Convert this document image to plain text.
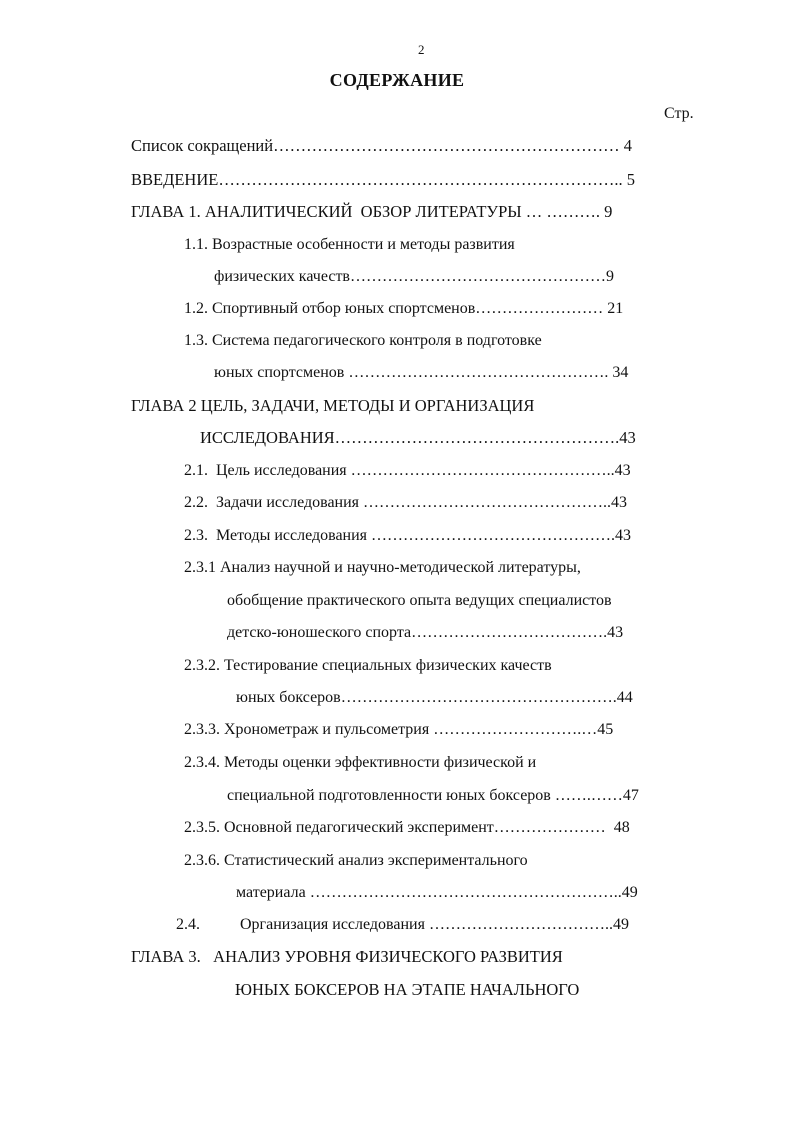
2
СОДЕРЖАНИЕ
Стр.
Список сокращений……………………………………………………… 4
ВВЕДЕНИЕ……………………………………………………………….. 5
ГЛАВА 1. АНАЛИТИЧЕСКИЙ  ОБЗОР ЛИТЕРАТУРЫ … ………. 9
1.1. Возрастные особенности и методы развития
физических качеств…………………………………………9
1.2. Спортивный отбор юных спортсменов…………………… 21
1.3. Система педагогического контроля в подготовке
юных спортсменов …………………………………………. 34
ГЛАВА 2 ЦЕЛЬ, ЗАДАЧИ, МЕТОДЫ И ОРГАНИЗАЦИЯ
ИССЛЕДОВАНИЯ…………………………………………….43
2.1.  Цель исследования …………………………………………..43
2.2.  Задачи исследования ………………………………………..43
2.3.  Методы исследования ……………………………………….43
2.3.1 Анализ научной и научно-методической литературы,
обобщение практического опыта ведущих специалистов
детско-юношеского спорта……………………………….43
2.3.2. Тестирование специальных физических качеств
юных боксеров…………………………………………….44
2.3.3. Хронометраж и пульсометрия ……………………….…45
2.3.4. Методы оценки эффективности физической и
специальной подготовленности юных боксеров …….……47
2.3.5. Основной педагогический эксперимент…………………  48
2.3.6. Статистический анализ экспериментального
материала …………………………………………………..49
2.4.          Организация исследования ……………………………..49
ГЛАВА 3.   АНАЛИЗ УРОВНЯ ФИЗИЧЕСКОГО РАЗВИТИЯ
ЮНЫХ БОКСЕРОВ НА ЭТАПЕ НАЧАЛЬНОГО
